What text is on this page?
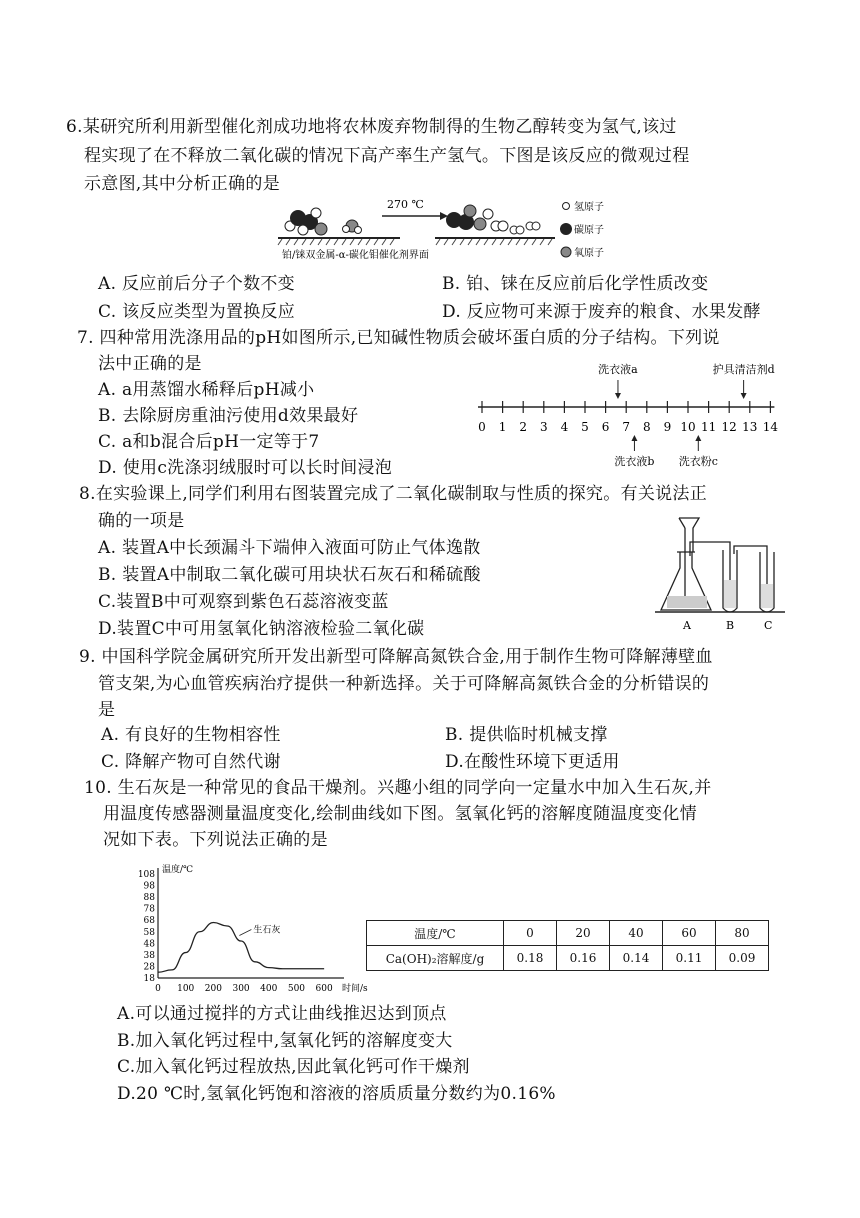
6.某研究所利用新型催化剂成功地将农林废弃物制得的生物乙醇转变为氢气,该过
程实现了在不释放二氧化碳的情况下高产率生产氢气。下图是该反应的微观过程
示意图,其中分析正确的是
270 ℃
铂/铼双金属-α-碳化钼催化剂界面
氢原子
碳原子
氧原子
A. 反应前后分子个数不变	B. 铂、铼在反应前后化学性质改变
C. 该反应类型为置换反应	D. 反应物可来源于废弃的粮食、水果发酵
7. 四种常用洗涤用品的pH如图所示,已知碱性物质会破坏蛋白质的分子结构。下列说
法中正确的是
A. a用蒸馏水稀释后pH减小
B. 去除厨房重油污使用d效果最好
C. a和b混合后pH一定等于7
D. 使用c洗涤羽绒服时可以长时间浸泡
0 1 2 3 4 5 6 7 8 9 10 11 12 13 14
洗衣液a	护具清洁剂d
洗衣液b 洗衣粉c
8.在实验课上,同学们利用右图装置完成了二氧化碳制取与性质的探究。有关说法正
确的一项是
A. 装置A中长颈漏斗下端伸入液面可防止气体逸散
B. 装置A中制取二氧化碳可用块状石灰石和稀硫酸
C.装置B中可观察到紫色石蕊溶液变蓝
D.装置C中可用氢氧化钠溶液检验二氧化碳	A	B	C
9. 中国科学院金属研究所开发出新型可降解高氮铁合金,用于制作生物可降解薄壁血
管支架,为心血管疾病治疗提供一种新选择。关于可降解高氮铁合金的分析错误的
是
A. 有良好的生物相容性	B. 提供临时机械支撑
C. 降解产物可自然代谢	D.在酸性环境下更适用
10. 生石灰是一种常见的食品干燥剂。兴趣小组的同学向一定量水中加入生石灰,并
用温度传感器测量温度变化,绘制曲线如下图。氢氧化钙的溶解度随温度变化情
况如下表。下列说法正确的是
108
98
88
78
68
58
48
38
28
18
0 100 200 300 400 500 600
温度/℃
时间/s
生石灰	温度/℃	0	20	40	60	80
Ca(OH)₂溶解度/g	0.18	0.16	0.14	0.11	0.09
A.可以通过搅拌的方式让曲线推迟达到顶点
B.加入氧化钙过程中,氢氧化钙的溶解度变大
C.加入氧化钙过程放热,因此氧化钙可作干燥剂
D.20 ℃时,氢氧化钙饱和溶液的溶质质量分数约为0.16%
